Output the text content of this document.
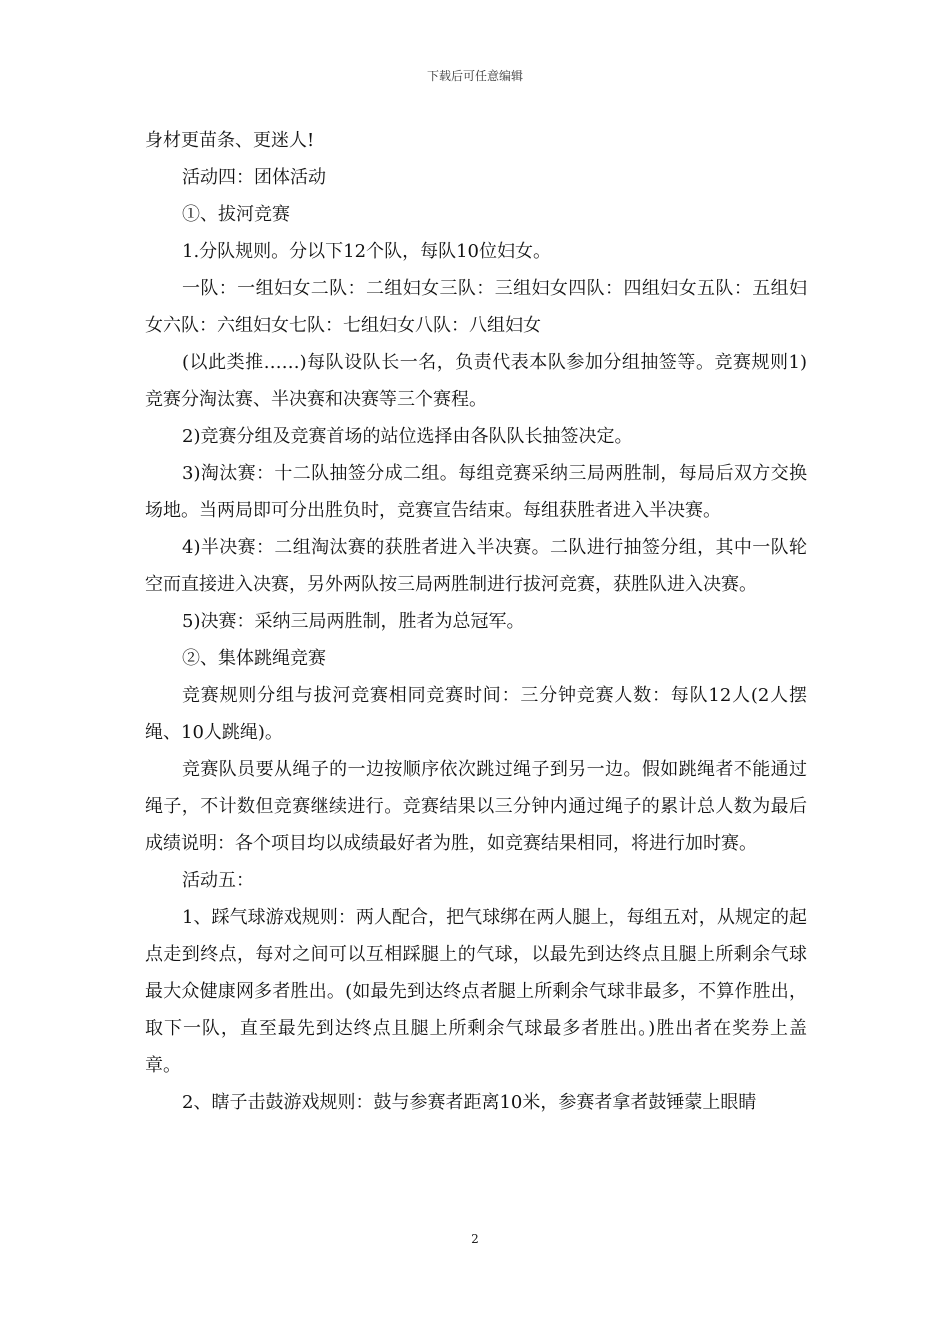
下载后可任意编辑

身材更苗条、更迷人!

活动四：团体活动

①、拔河竞赛

1.分队规则。分以下12个队，每队10位妇女。

一队：一组妇女二队：二组妇女三队：三组妇女四队：四组妇女五队：五组妇女六队：六组妇女七队：七组妇女八队：八组妇女

(以此类推……)每队设队长一名，负责代表本队参加分组抽签等。竞赛规则1)竞赛分淘汰赛、半决赛和决赛等三个赛程。

2)竞赛分组及竞赛首场的站位选择由各队队长抽签决定。

3)淘汰赛：十二队抽签分成二组。每组竞赛采纳三局两胜制，每局后双方交换场地。当两局即可分出胜负时，竞赛宣告结束。每组获胜者进入半决赛。

4)半决赛：二组淘汰赛的获胜者进入半决赛。二队进行抽签分组，其中一队轮空而直接进入决赛，另外两队按三局两胜制进行拔河竞赛，获胜队进入决赛。

5)决赛：采纳三局两胜制，胜者为总冠军。

②、集体跳绳竞赛

竞赛规则分组与拔河竞赛相同竞赛时间：三分钟竞赛人数：每队12人(2人摆绳、10人跳绳)。

竞赛队员要从绳子的一边按顺序依次跳过绳子到另一边。假如跳绳者不能通过绳子，不计数但竞赛继续进行。竞赛结果以三分钟内通过绳子的累计总人数为最后成绩说明：各个项目均以成绩最好者为胜，如竞赛结果相同，将进行加时赛。

活动五：

1、踩气球游戏规则：两人配合，把气球绑在两人腿上，每组五对，从规定的起点走到终点，每对之间可以互相踩腿上的气球，以最先到达终点且腿上所剩余气球最大众健康网多者胜出。(如最先到达终点者腿上所剩余气球非最多，不算作胜出，取下一队，直至最先到达终点且腿上所剩余气球最多者胜出。)胜出者在奖券上盖章。

2、瞎子击鼓游戏规则：鼓与参赛者距离10米，参赛者拿者鼓锤蒙上眼睛

2
